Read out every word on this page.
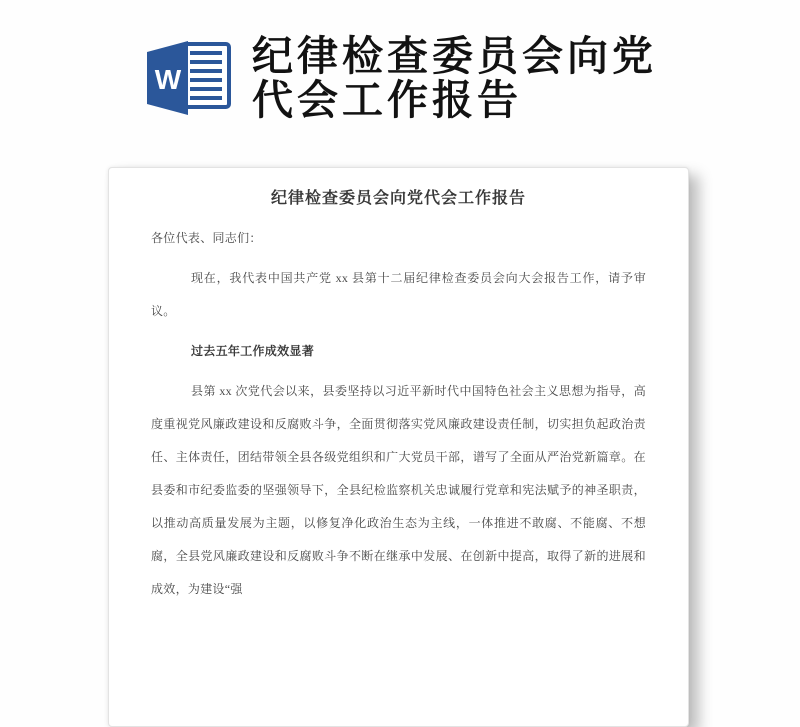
W
纪律检查委员会向党代会工作报告
纪律检查委员会向党代会工作报告

各位代表、同志们：

现在，我代表中国共产党 xx 县第十二届纪律检查委员会向大会报告工作，请予审议。

过去五年工作成效显著

县第 xx 次党代会以来，县委坚持以习近平新时代中国特色社会主义思想为指导，高度重视党风廉政建设和反腐败斗争，全面贯彻落实党风廉政建设责任制，切实担负起政治责任、主体责任，团结带领全县各级党组织和广大党员干部，谱写了全面从严治党新篇章。在县委和市纪委监委的坚强领导下，全县纪检监察机关忠诚履行党章和宪法赋予的神圣职责，以推动高质量发展为主题，以修复净化政治生态为主线，一体推进不敢腐、不能腐、不想腐，全县党风廉政建设和反腐败斗争不断在继承中发展、在创新中提高，取得了新的进展和成效，为建设“强
